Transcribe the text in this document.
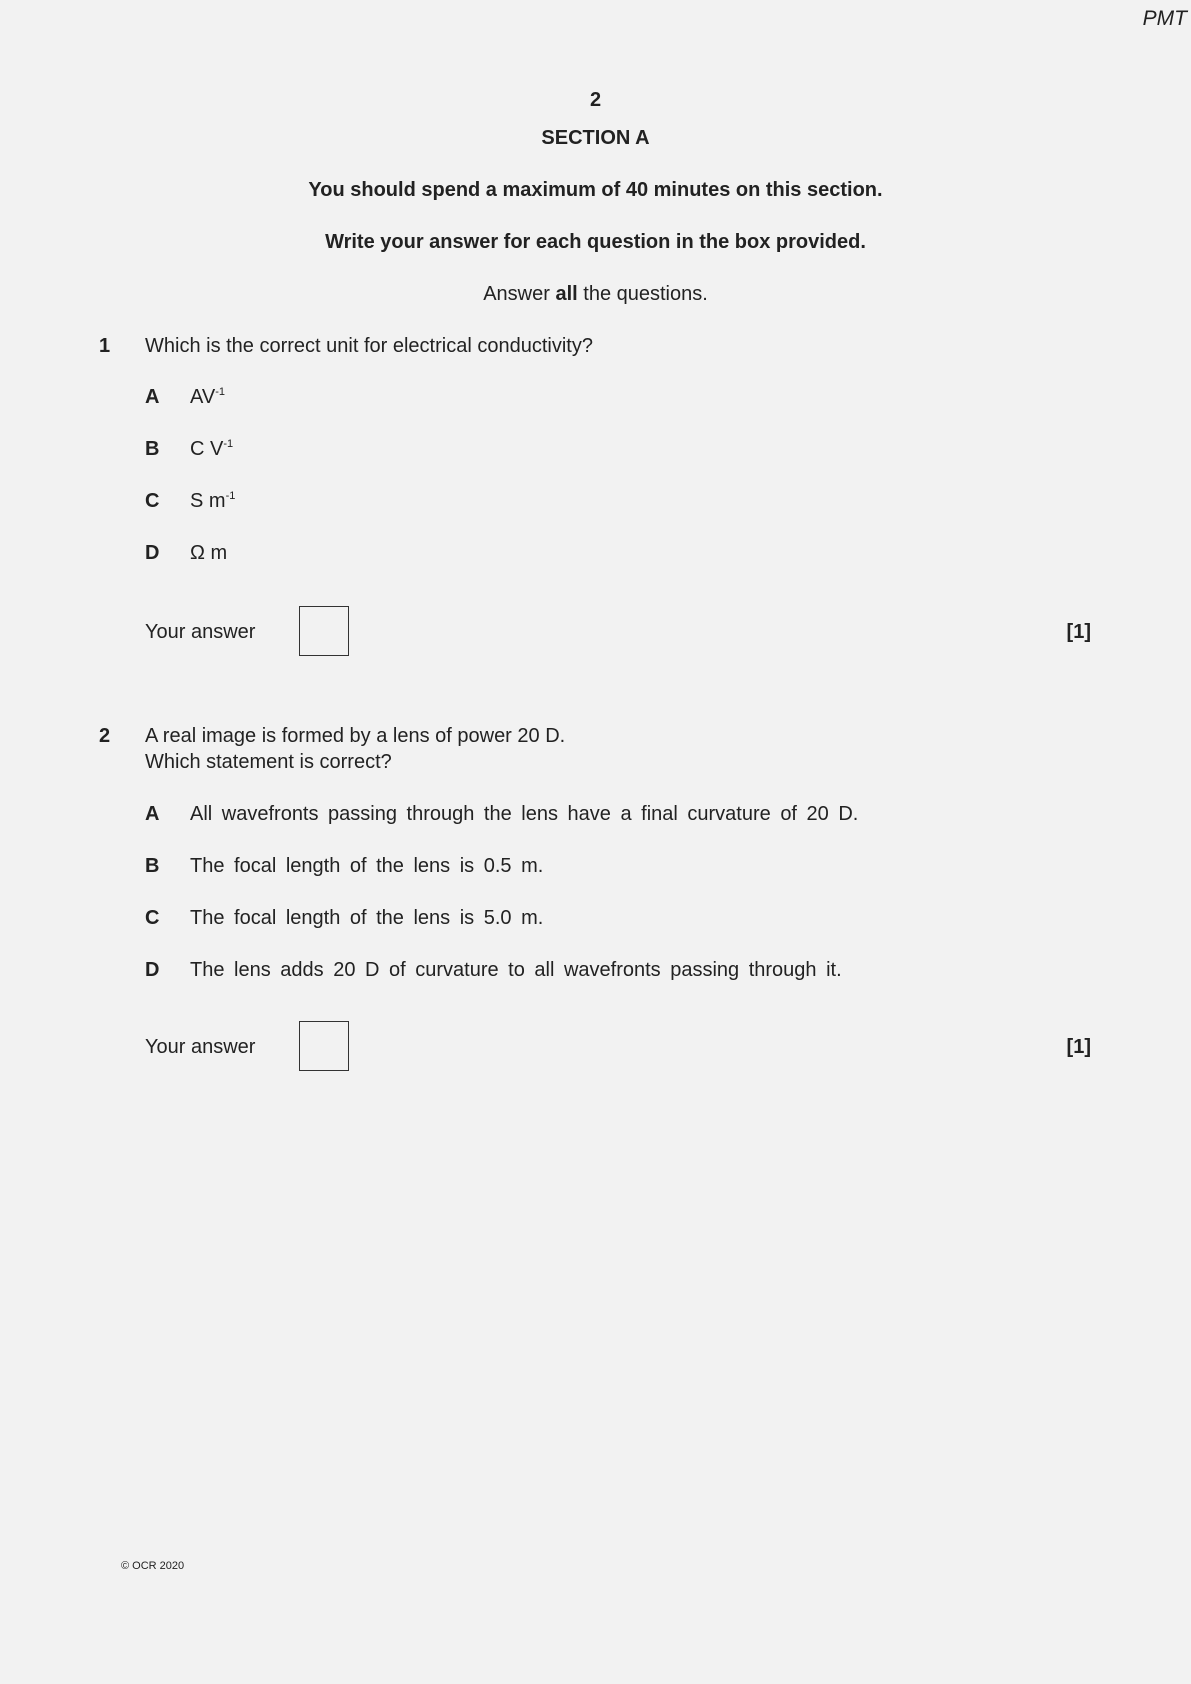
PMT
2
SECTION A
You should spend a maximum of 40 minutes on this section.
Write your answer for each question in the box provided.
Answer all the questions.
1 Which is the correct unit for electrical conductivity?
A $AV^{-1}$
B C $V^{-1}$
C S $m^{-1}$
D Ω m
Your answer	[1]
2 A real image is formed by a lens of power 20 D.
Which statement is correct?
A All wavefronts passing through the lens have a final curvature of 20 D.
B The focal length of the lens is 0.5 m.
C The focal length of the lens is 5.0 m.
D The lens adds 20 D of curvature to all wavefronts passing through it.
Your answer	[1]
© OCR 2020
